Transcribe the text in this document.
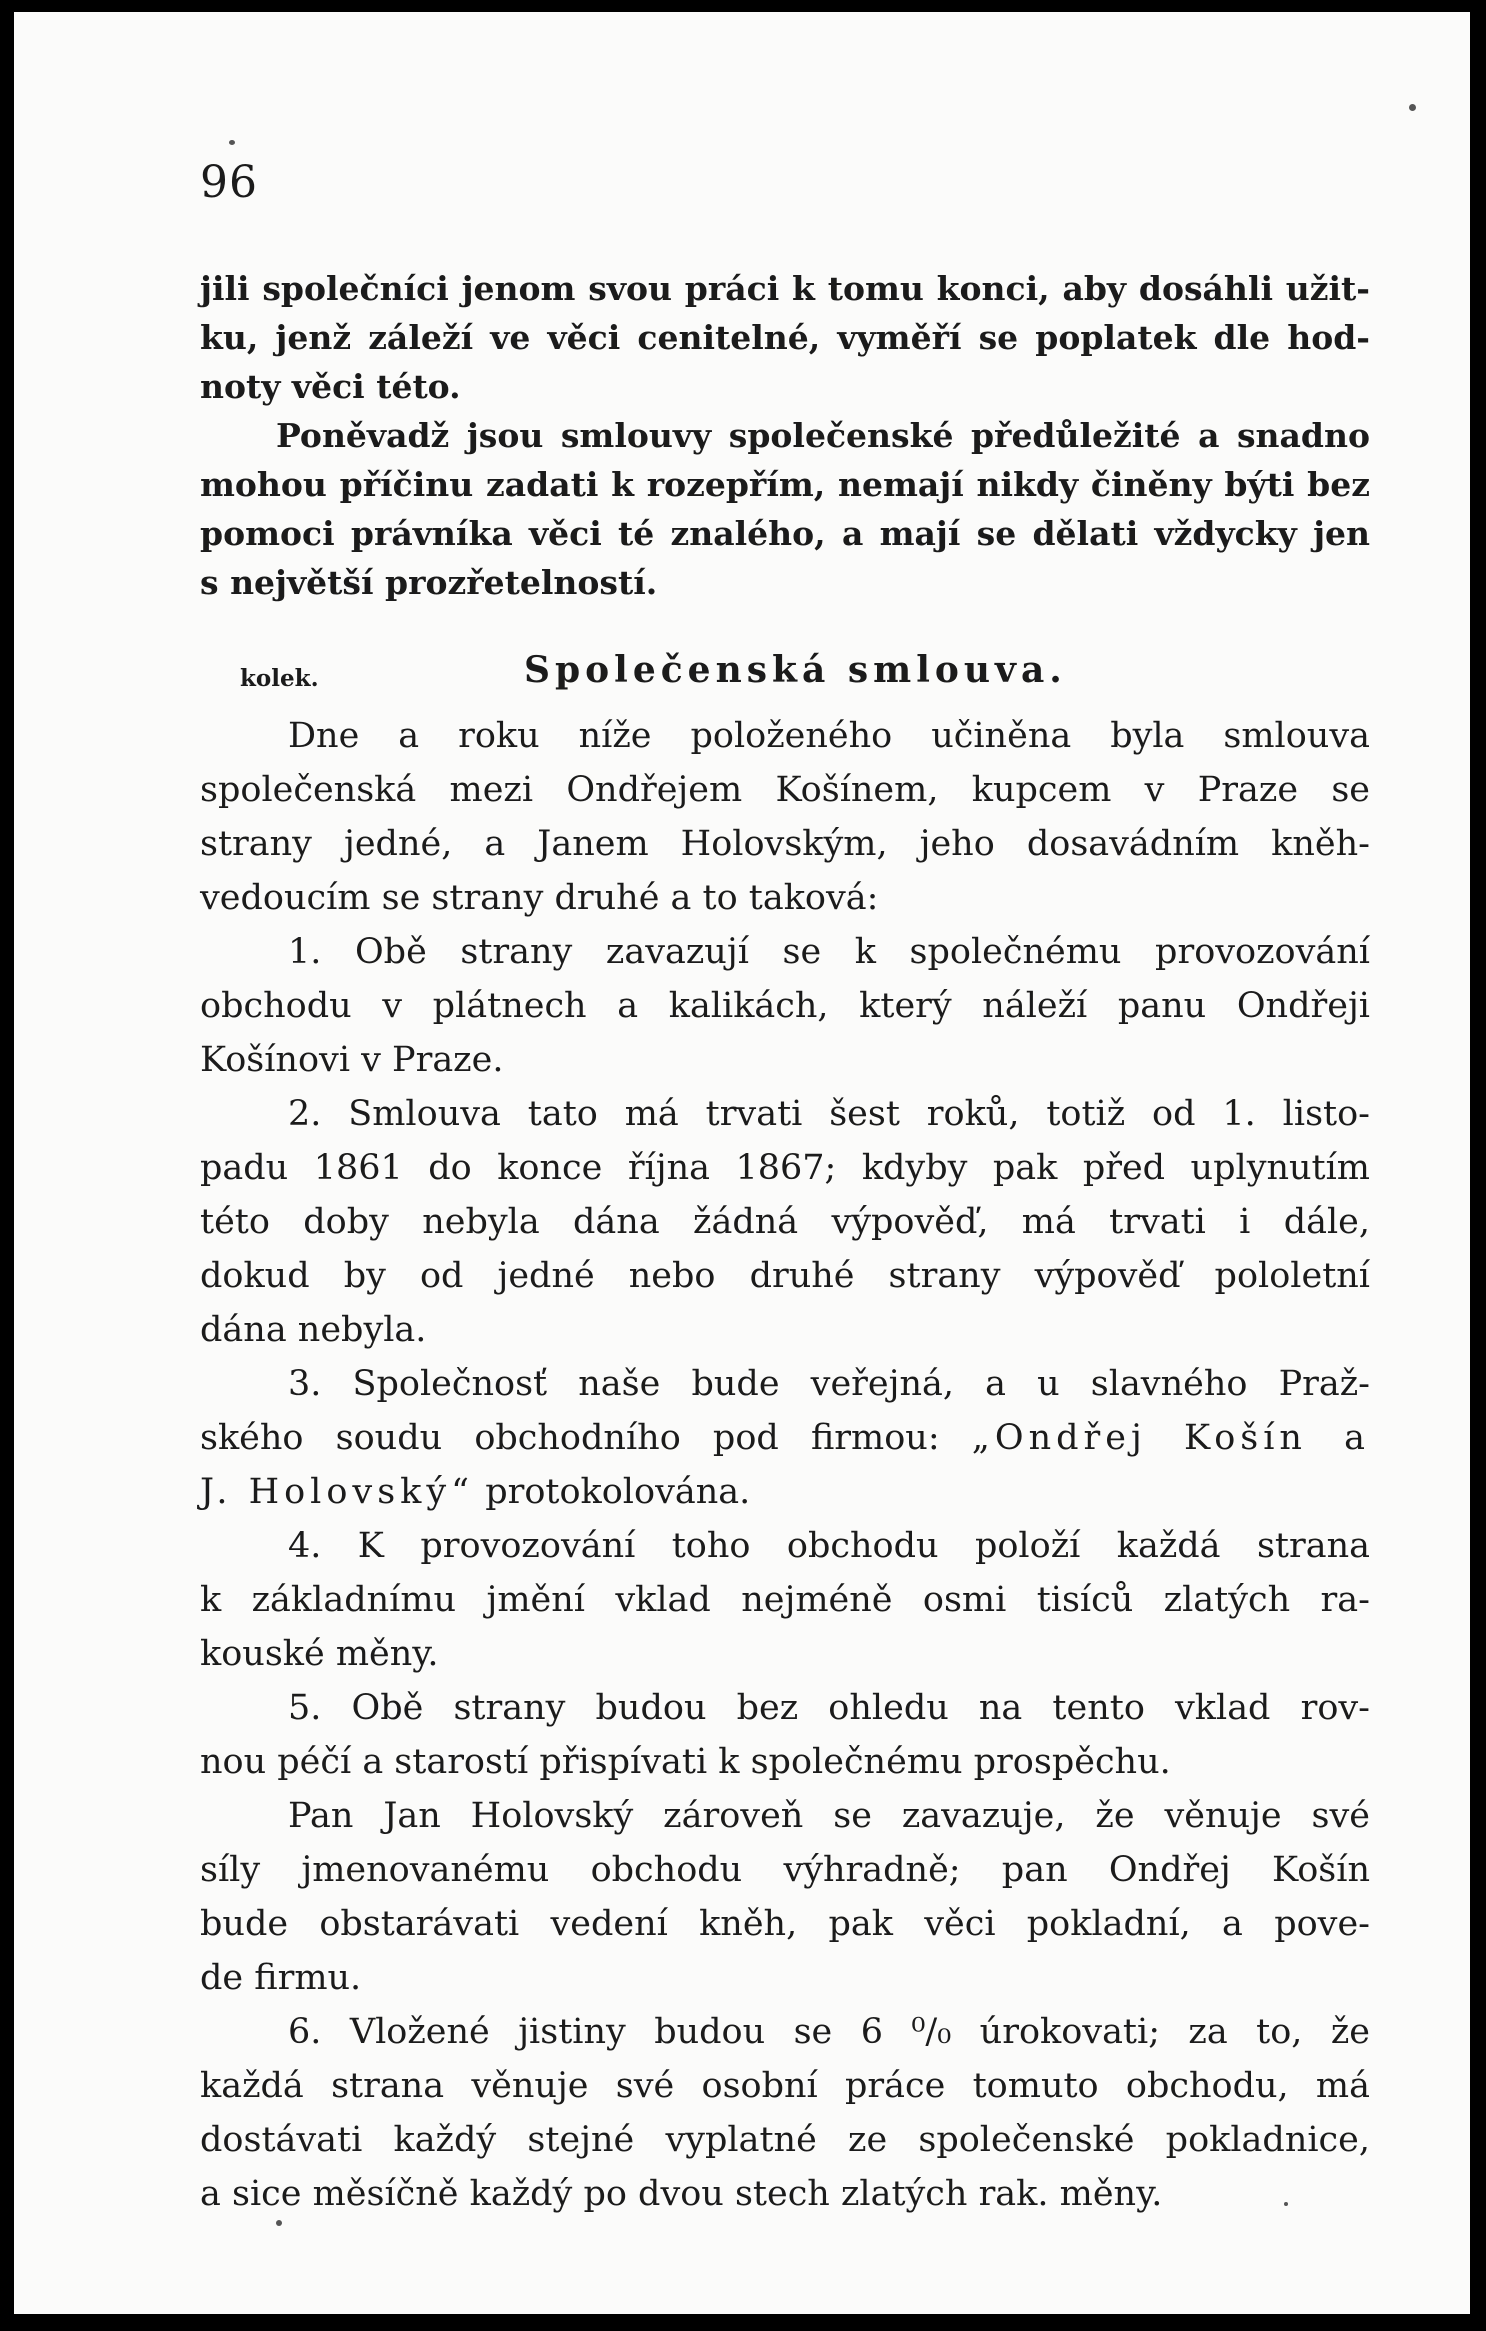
96

jili společníci jenom svou práci k tomu konci, aby dosáhli užit-

ku, jenž záleží ve věci cenitelné, vyměří se poplatek dle hod-

noty věci této.

Poněvadž jsou smlouvy společenské předůležité a snadno

mohou příčinu zadati k rozepřím, nemají nikdy činěny býti bez

pomoci právníka věci té znalého, a mají se dělati vždycky jen

s největší prozřetelností.

kolek.	Společenská smlouva.

Dne a roku níže položeného učiněna byla smlouva

společenská mezi Ondřejem Košínem, kupcem v Praze se

strany jedné, a Janem Holovským, jeho dosavádním kněh-

vedoucím se strany druhé a to taková:

1. Obě strany zavazují se k společnému provozování

obchodu v plátnech a kalikách, který náleží panu Ondřeji

Košínovi v Praze.

2. Smlouva tato má trvati šest roků, totiž od 1. listo-

padu 1861 do konce října 1867; kdyby pak před uplynutím

této doby nebyla dána žádná výpověď, má trvati i dále,

dokud by od jedné nebo druhé strany výpověď pololetní

dána nebyla.

3. Společnosť naše bude veřejná, a u slavného Praž-

ského soudu obchodního pod firmou: „Ondřej Košín a

J. Holovský“ protokolována.

4. K provozování toho obchodu položí každá strana

k základnímu jmění vklad nejméně osmi tisíců zlatých ra-

kouské měny.

5. Obě strany budou bez ohledu na tento vklad rov-

nou péčí a starostí přispívati k společnému prospěchu.

Pan Jan Holovský zároveň se zavazuje, že věnuje své

síly jmenovanému obchodu výhradně; pan Ondřej Košín

bude obstarávati vedení kněh, pak věci pokladní, a pove-

de firmu.

6. Vložené jistiny budou se 6 ⁰/₀ úrokovati; za to, že

každá strana věnuje své osobní práce tomuto obchodu, má

dostávati každý stejné vyplatné ze společenské pokladnice,

a sice měsíčně každý po dvou stech zlatých rak. měny.
